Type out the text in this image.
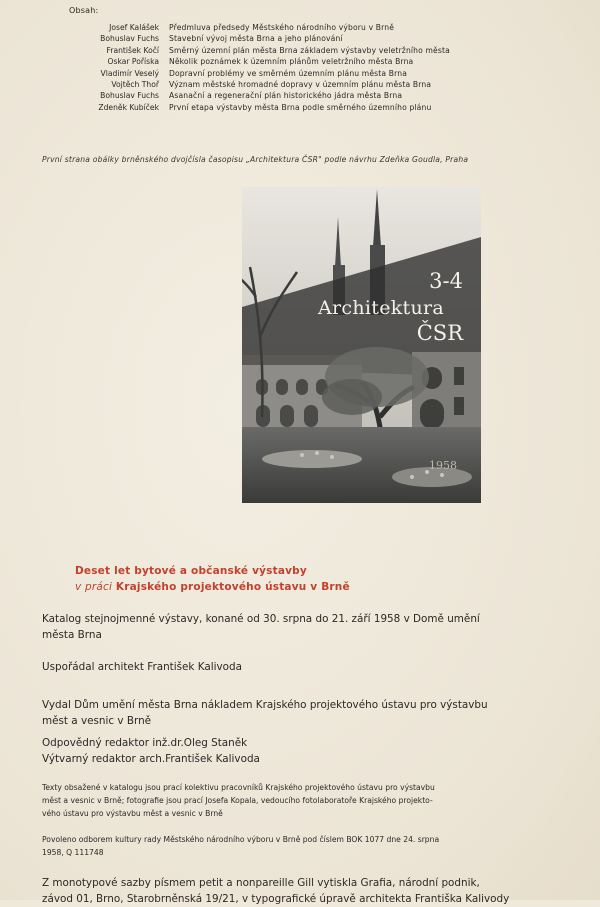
Obsah:
Josef Kalášek Předmluva předsedy Městského národního výboru v Brně
Bohuslav Fuchs Stavební vývoj města Brna a jeho plánování
František Kočí Směrný územní plán města Brna základem výstavby veletržního města
Oskar Poříska Několik poznámek k územním plánům veletržního města Brna
Vladimír Veselý Dopravní problémy ve směrném územním plánu města Brna
Vojtěch Thoř Význam městské hromadné dopravy v územním plánu města Brna
Bohuslav Fuchs Asanační a regenerační plán historického jádra města Brna
Zdeněk Kubíček První etapa výstavby města Brna podle směrného územního plánu
První strana obálky brněnského dvojčísla časopisu „Architektura ČSR" podle návrhu Zdeňka Goudla, Praha
3-4
Architektura
ČSR
1958
Deset let bytové a občanské výstavby
v práci Krajského projektového ústavu v Brně
Katalog stejnojmenné výstavy, konané od 30. srpna do 21. září 1958 v Domě umění
města Brna
Uspořádal architekt František Kalivoda
Vydal Dům umění města Brna nákladem Krajského projektového ústavu pro výstavbu
měst a vesnic v Brně
Odpovědný redaktor inž.dr.Oleg Staněk
Výtvarný redaktor arch.František Kalivoda
Texty obsažené v katalogu jsou prací kolektivu pracovníků Krajského projektového ústavu pro výstavbu
měst a vesnic v Brně; fotografie jsou prací Josefa Kopala, vedoucího fotolaboratoře Krajského projekto-
vého ústavu pro výstavbu měst a vesnic v Brně
Povoleno odborem kultury rady Městského národního výboru v Brně pod číslem BOK 1077 dne 24. srpna
1958, Q 111748
Z monotypové sazby písmem petit a nonpareille Gill vytiskla Grafia, národní podnik,
závod 01, Brno, Starobrněnská 19/21, v typografické úpravě architekta Františka Kalivody
